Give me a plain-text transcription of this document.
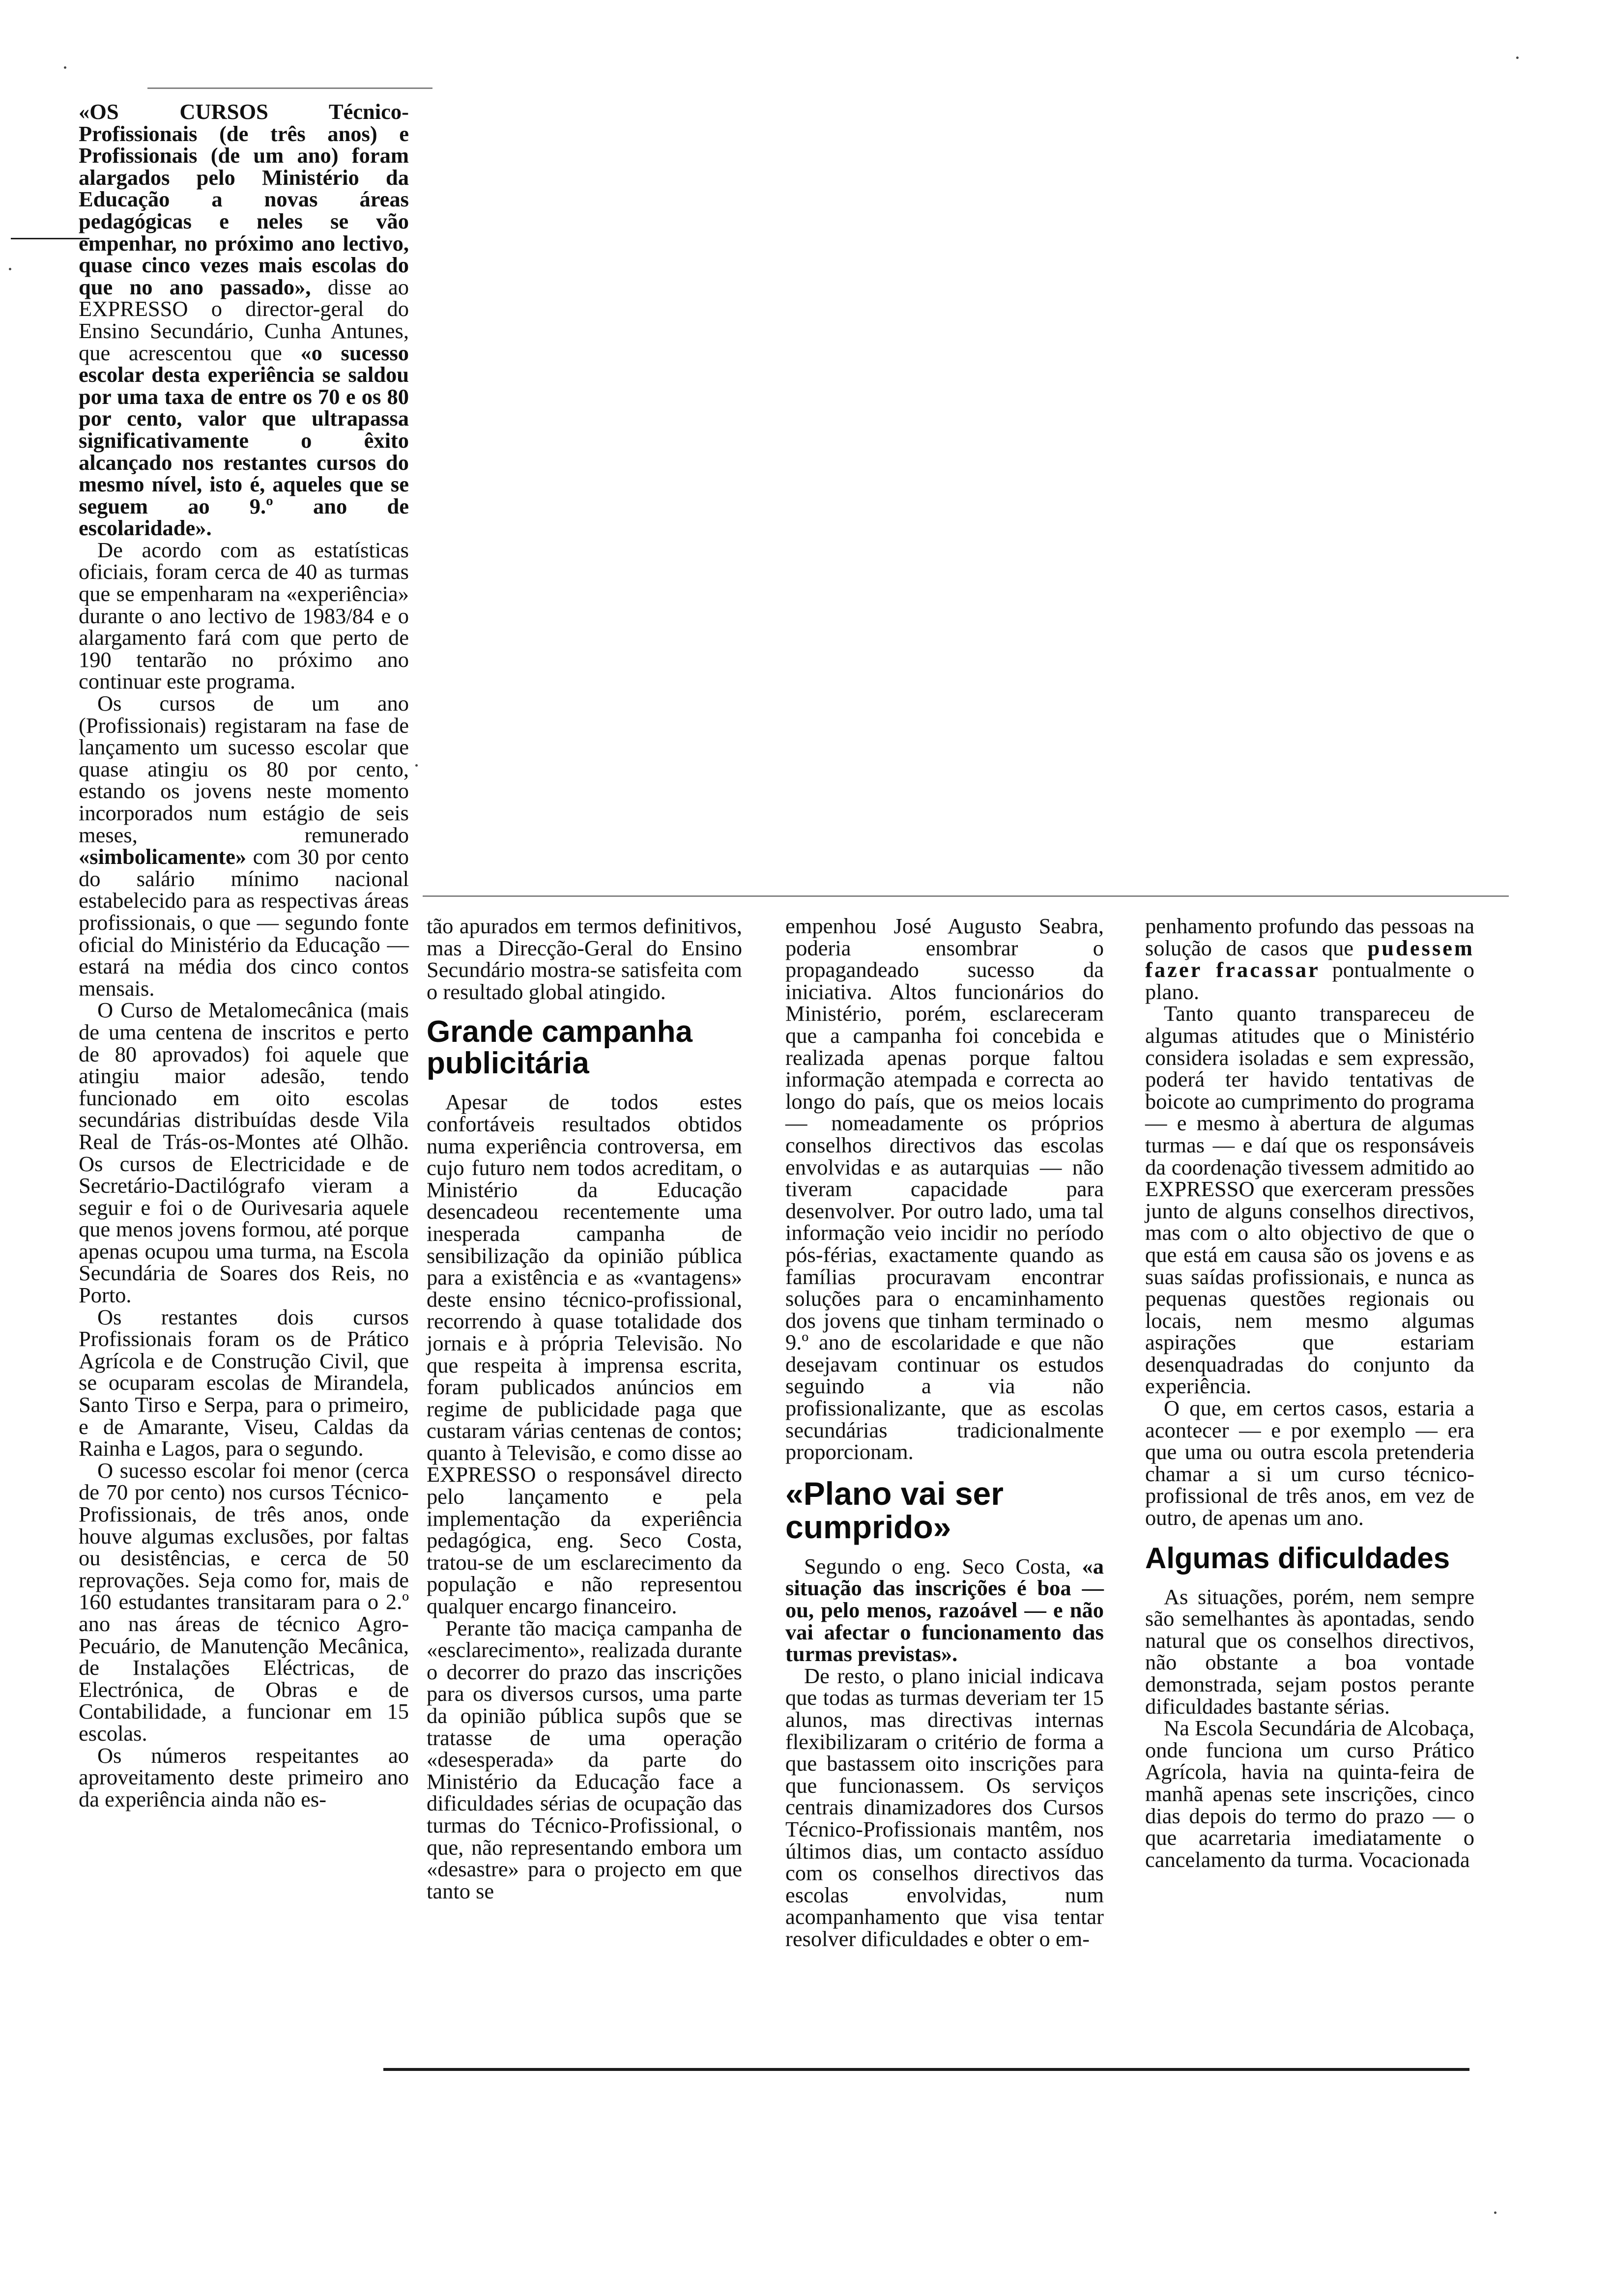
«OS CURSOS Técnico-Profissionais (de três anos) e Profissionais (de um ano) foram alargados pelo Ministério da Educação a novas áreas pedagógicas e neles se vão empenhar, no próximo ano lectivo, quase cinco vezes mais escolas do que no ano passado», disse ao EXPRESSO o director-geral do Ensino Secundário, Cunha Antunes, que acrescentou que «o sucesso escolar desta experiência se saldou por uma taxa de entre os 70 e os 80 por cento, valor que ultrapassa significativamente o êxito alcançado nos restantes cursos do mesmo nível, isto é, aqueles que se seguem ao 9.º ano de escolaridade».

De acordo com as estatísticas oficiais, foram cerca de 40 as turmas que se empenharam na «experiência» durante o ano lectivo de 1983/84 e o alargamento fará com que perto de 190 tentarão no próximo ano continuar este programa.

Os cursos de um ano (Profissionais) registaram na fase de lançamento um sucesso escolar que quase atingiu os 80 por cento, estando os jovens neste momento incorporados num estágio de seis meses, remunerado «simbolicamente» com 30 por cento do salário mínimo nacional estabelecido para as respectivas áreas profissionais, o que — segundo fonte oficial do Ministério da Educação — estará na média dos cinco contos mensais.

O Curso de Metalomecânica (mais de uma centena de inscritos e perto de 80 aprovados) foi aquele que atingiu maior adesão, tendo funcionado em oito escolas secundárias distribuídas desde Vila Real de Trás-os-Montes até Olhão. Os cursos de Electricidade e de Secretário-Dactilógrafo vieram a seguir e foi o de Ourivesaria aquele que menos jovens formou, até porque apenas ocupou uma turma, na Escola Secundária de Soares dos Reis, no Porto.

Os restantes dois cursos Profissionais foram os de Prático Agrícola e de Construção Civil, que se ocuparam escolas de Mirandela, Santo Tirso e Serpa, para o primeiro, e de Amarante, Viseu, Caldas da Rainha e Lagos, para o segundo.

O sucesso escolar foi menor (cerca de 70 por cento) nos cursos Técnico-Profissionais, de três anos, onde houve algumas exclusões, por faltas ou desistências, e cerca de 50 reprovações. Seja como for, mais de 160 estudantes transitaram para o 2.º ano nas áreas de técnico Agro-Pecuário, de Manutenção Mecânica, de Instalações Eléctricas, de Electrónica, de Obras e de Contabilidade, a funcionar em 15 escolas.

Os números respeitantes ao aproveitamento deste primeiro ano da experiência ainda não es-

tão apurados em termos definitivos, mas a Direcção-Geral do Ensino Secundário mostra-se satisfeita com o resultado global atingido.

Grande campanha publicitária

Apesar de todos estes confortáveis resultados obtidos numa experiência controversa, em cujo futuro nem todos acreditam, o Ministério da Educação desencadeou recentemente uma inesperada campanha de sensibilização da opinião pública para a existência e as «vantagens» deste ensino técnico-profissional, recorrendo à quase totalidade dos jornais e à própria Televisão. No que respeita à imprensa escrita, foram publicados anúncios em regime de publicidade paga que custaram várias centenas de contos; quanto à Televisão, e como disse ao EXPRESSO o responsável directo pelo lançamento e pela implementação da experiência pedagógica, eng. Seco Costa, tratou-se de um esclarecimento da população e não representou qualquer encargo financeiro.

Perante tão maciça campanha de «esclarecimento», realizada durante o decorrer do prazo das inscrições para os diversos cursos, uma parte da opinião pública supôs que se tratasse de uma operação «desesperada» da parte do Ministério da Educação face a dificuldades sérias de ocupação das turmas do Técnico-Profissional, o que, não representando embora um «desastre» para o projecto em que tanto se

empenhou José Augusto Seabra, poderia ensombrar o propagandeado sucesso da iniciativa. Altos funcionários do Ministério, porém, esclareceram que a campanha foi concebida e realizada apenas porque faltou informação atempada e correcta ao longo do país, que os meios locais — nomeadamente os próprios conselhos directivos das escolas envolvidas e as autarquias — não tiveram capacidade para desenvolver. Por outro lado, uma tal informação veio incidir no período pós-férias, exactamente quando as famílias procuravam encontrar soluções para o encaminhamento dos jovens que tinham terminado o 9.º ano de escolaridade e que não desejavam continuar os estudos seguindo a via não profissionalizante, que as escolas secundárias tradicionalmente proporcionam.

«Plano vai ser cumprido»

Segundo o eng. Seco Costa, «a situação das inscrições é boa — ou, pelo menos, razoável — e não vai afectar o funcionamento das turmas previstas».

De resto, o plano inicial indicava que todas as turmas deveriam ter 15 alunos, mas directivas internas flexibilizaram o critério de forma a que bastassem oito inscrições para que funcionassem. Os serviços centrais dinamizadores dos Cursos Técnico-Profissionais mantêm, nos últimos dias, um contacto assíduo com os conselhos directivos das escolas envolvidas, num acompanhamento que visa tentar resolver dificuldades e obter o em-

penhamento profundo das pessoas na solução de casos que pudessem fazer fracassar pontualmente o plano.

Tanto quanto transpareceu de algumas atitudes que o Ministério considera isoladas e sem expressão, poderá ter havido tentativas de boicote ao cumprimento do programa — e mesmo à abertura de algumas turmas — e daí que os responsáveis da coordenação tivessem admitido ao EXPRESSO que exerceram pressões junto de alguns conselhos directivos, mas com o alto objectivo de que o que está em causa são os jovens e as suas saídas profissionais, e nunca as pequenas questões regionais ou locais, nem mesmo algumas aspirações que estariam desenquadradas do conjunto da experiência.

O que, em certos casos, estaria a acontecer — e por exemplo — era que uma ou outra escola pretenderia chamar a si um curso técnico-profissional de três anos, em vez de outro, de apenas um ano.

Algumas dificuldades

As situações, porém, nem sempre são semelhantes às apontadas, sendo natural que os conselhos directivos, não obstante a boa vontade demonstrada, sejam postos perante dificuldades bastante sérias.

Na Escola Secundária de Alcobaça, onde funciona um curso Prático Agrícola, havia na quinta-feira de manhã apenas sete inscrições, cinco dias depois do termo do prazo — o que acarretaria imediatamente o cancelamento da turma. Vocacionada
